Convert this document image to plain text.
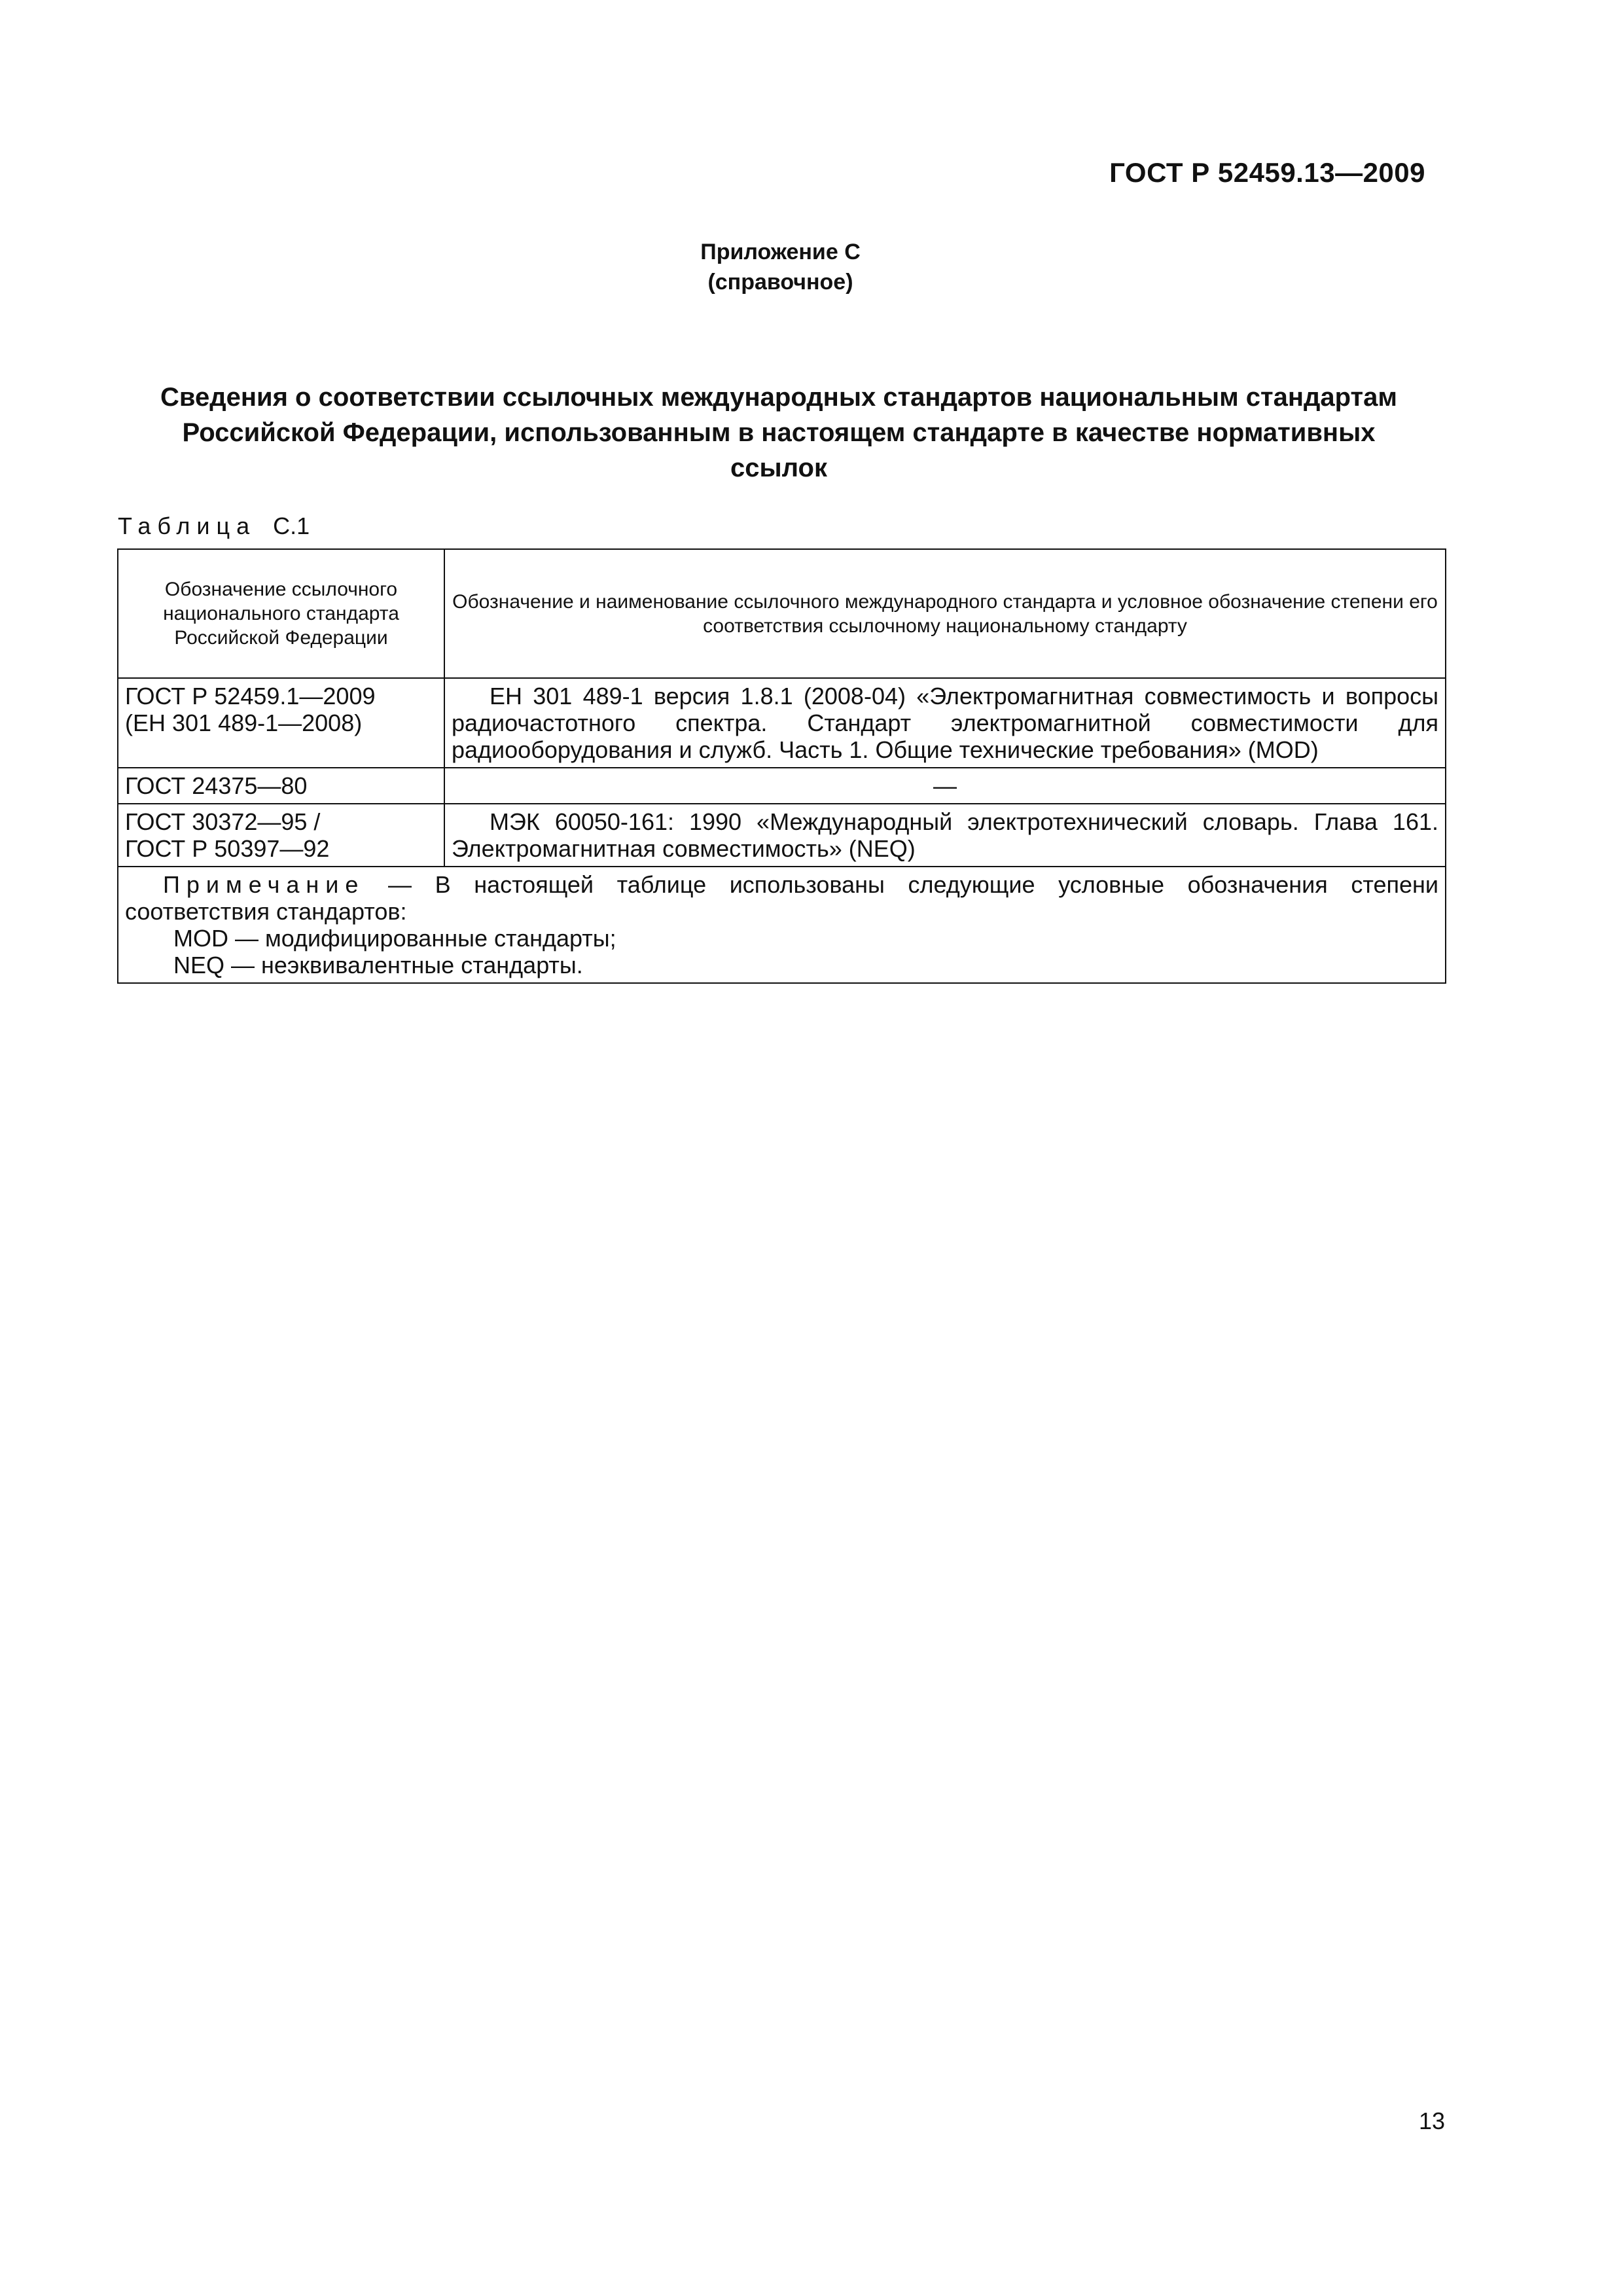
ГОСТ Р 52459.13—2009
Приложение С
(справочное)
Сведения о соответствии ссылочных международных стандартов национальным стандартам
Российской Федерации, использованным в настоящем стандарте в качестве нормативных
ссылок
Таблица С.1
Обозначение ссылочного национального стандарта Российской Федерации	Обозначение и наименование ссылочного международного стандарта и условное обозначение степени его соответствия ссылочному национальному стандарту

ГОСТ Р 52459.1—2009
(ЕН 301 489-1—2008)	ЕН 301 489-1 версия 1.8.1 (2008-04) «Электромагнитная совместимость и вопросы радиочастотного спектра. Стандарт электромагнитной совместимости для радиооборудования и служб. Часть 1. Общие технические требования» (MOD)

ГОСТ 24375—80	—

ГОСТ 30372—95 /
ГОСТ Р 50397—92	МЭК 60050-161: 1990 «Международный электротехнический словарь. Глава 161. Электромагнитная совместимость» (NEQ)

Примечание — В настоящей таблице использованы следующие условные обозначения степени соответствия стандартов:
MOD — модифицированные стандарты;
NEQ — неэквивалентные стандарты.	
13
